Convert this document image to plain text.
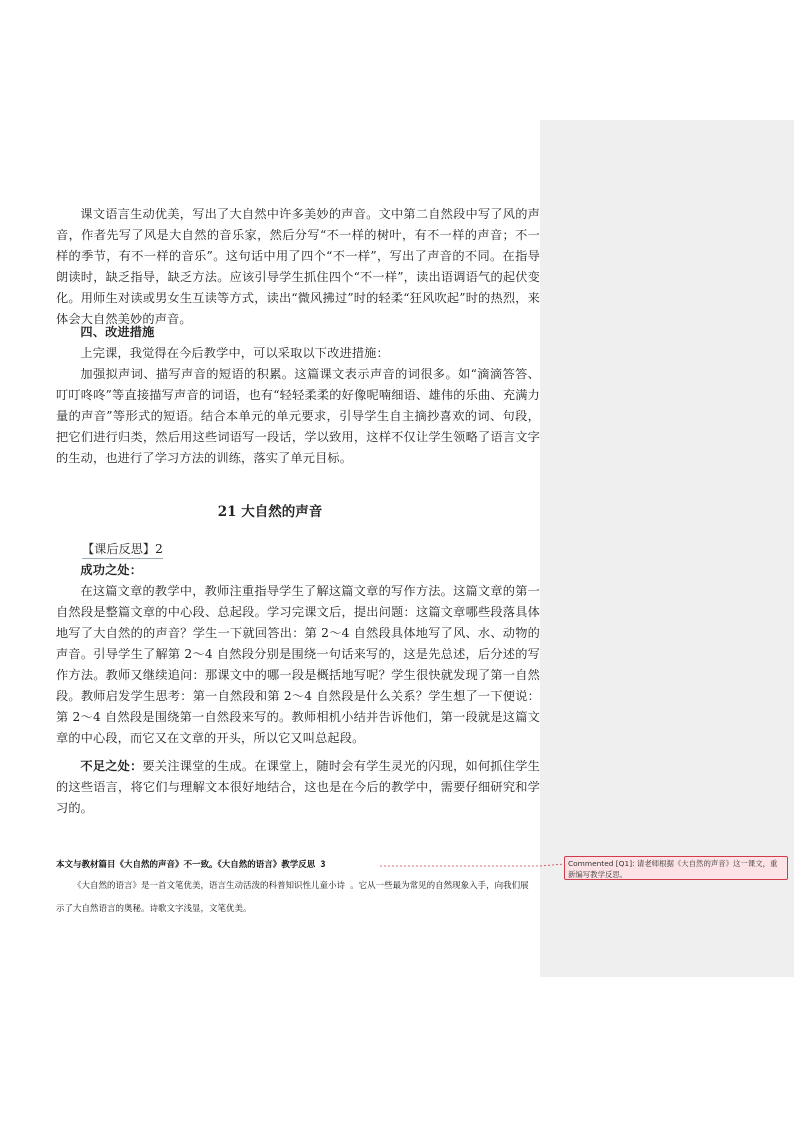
课文语言生动优美，写出了大自然中许多美妙的声音。文中第二自然段中写了风的声音，作者先写了风是大自然的音乐家，然后分写“不一样的树叶，有不一样的声音；不一样的季节，有不一样的音乐”。这句话中用了四个“不一样”，写出了声音的不同。在指导朗读时，缺乏指导，缺乏方法。应该引导学生抓住四个“不一样”，读出语调语气的起伏变化。用师生对读或男女生互读等方式，读出“微风拂过”时的轻柔“狂风吹起”时的热烈，来体会大自然美妙的声音。

四、改进措施

上完课，我觉得在今后教学中，可以采取以下改进措施：

加强拟声词、描写声音的短语的积累。这篇课文表示声音的词很多。如“滴滴答答、叮叮咚咚”等直接描写声音的词语，也有“轻轻柔柔的好像呢喃细语、雄伟的乐曲、充满力量的声音”等形式的短语。结合本单元的单元要求，引导学生自主摘抄喜欢的词、句段，把它们进行归类，然后用这些词语写一段话，学以致用，这样不仅让学生领略了语言文字的生动，也进行了学习方法的训练，落实了单元目标。

21 大自然的声音
【课后反思】2

成功之处：

在这篇文章的教学中，教师注重指导学生了解这篇文章的写作方法。这篇文章的第一自然段是整篇文章的中心段、总起段。学习完课文后，提出问题：这篇文章哪些段落具体地写了大自然的的声音？学生一下就回答出：第 2～4 自然段具体地写了风、水、动物的声音。引导学生了解第 2～4 自然段分别是围绕一句话来写的，这是先总述，后分述的写作方法。教师又继续追问：那课文中的哪一段是概括地写呢？学生很快就发现了第一自然段。教师启发学生思考：第一自然段和第 2～4 自然段是什么关系？学生想了一下便说：第 2～4 自然段是围绕第一自然段来写的。教师相机小结并告诉他们，第一段就是这篇文章的中心段，而它又在文章的开头，所以它又叫总起段。

不足之处：要关注课堂的生成。在课堂上，随时会有学生灵光的闪现，如何抓住学生的这些语言，将它们与理解文本很好地结合，这也是在今后的教学中，需要仔细研究和学习的。

本文与教材篇目《大自然的声音》不一致。《大自然的语言》教学反思 3

《大自然的语言》是一首文笔优美，语言生动活泼的科普知识性儿童小诗 。它从一些最为常见的自然现象入手，向我们展示了大自然语言的奥秘。诗歌文字浅显，文笔优美。

Commented [Q1]: 请老师根据《大自然的声音》这一课文，重新编写教学反思。
